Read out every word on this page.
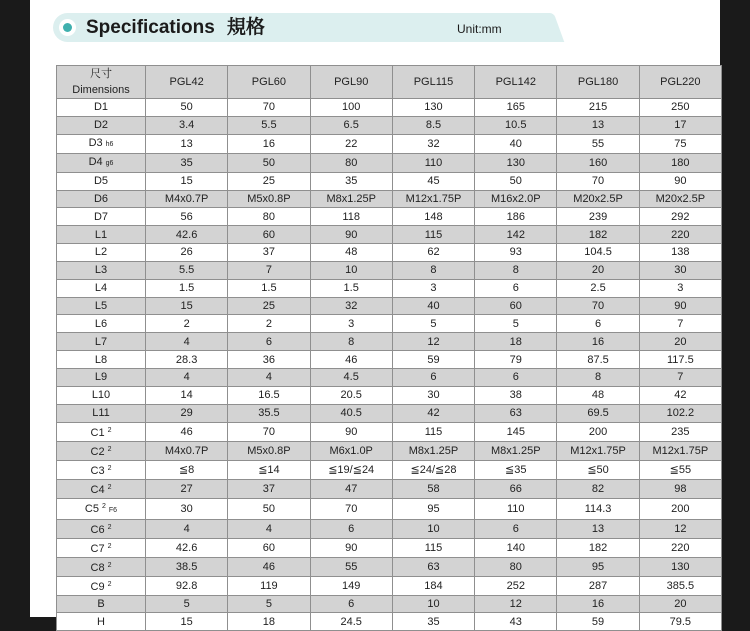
Specifications 規格	Unit:mm
尺寸
Dimensions	PGL42	PGL60	PGL90	PGL115	PGL142	PGL180	PGL220
D1	50	70	100	130	165	215	250
D2	3.4	5.5	6.5	8.5	10.5	13	17
D3 h6	13	16	22	32	40	55	75
D4 g6	35	50	80	110	130	160	180
D5	15	25	35	45	50	70	90
D6	M4x0.7P	M5x0.8P	M8x1.25P	M12x1.75P	M16x2.0P	M20x2.5P	M20x2.5P
D7	56	80	118	148	186	239	292
L1	42.6	60	90	115	142	182	220
L2	26	37	48	62	93	104.5	138
L3	5.5	7	10	8	8	20	30
L4	1.5	1.5	1.5	3	6	2.5	3
L5	15	25	32	40	60	70	90
L6	2	2	3	5	5	6	7
L7	4	6	8	12	18	16	20
L8	28.3	36	46	59	79	87.5	117.5
L9	4	4	4.5	6	6	8	7
L10	14	16.5	20.5	30	38	48	42
L11	29	35.5	40.5	42	63	69.5	102.2
C1 $^2$	46	70	90	115	145	200	235
C2 $^2$	M4x0.7P	M5x0.8P	M6x1.0P	M8x1.25P	M8x1.25P	M12x1.75P	M12x1.75P
C3 $^2$	≦8	≦14	≦19/≦24	≦24/≦28	≦35	≦50	≦55
C4 $^2$	27	37	47	58	66	82	98
C5 $^2$F6	30	50	70	95	110	114.3	200
C6 $^2$	4	4	6	10	6	13	12
C7 $^2$	42.6	60	90	115	140	182	220
C8 $^2$	38.5	46	55	63	80	95	130
C9 $^2$	92.8	119	149	184	252	287	385.5
B	5	5	6	10	12	16	20
H	15	18	24.5	35	43	59	79.5
